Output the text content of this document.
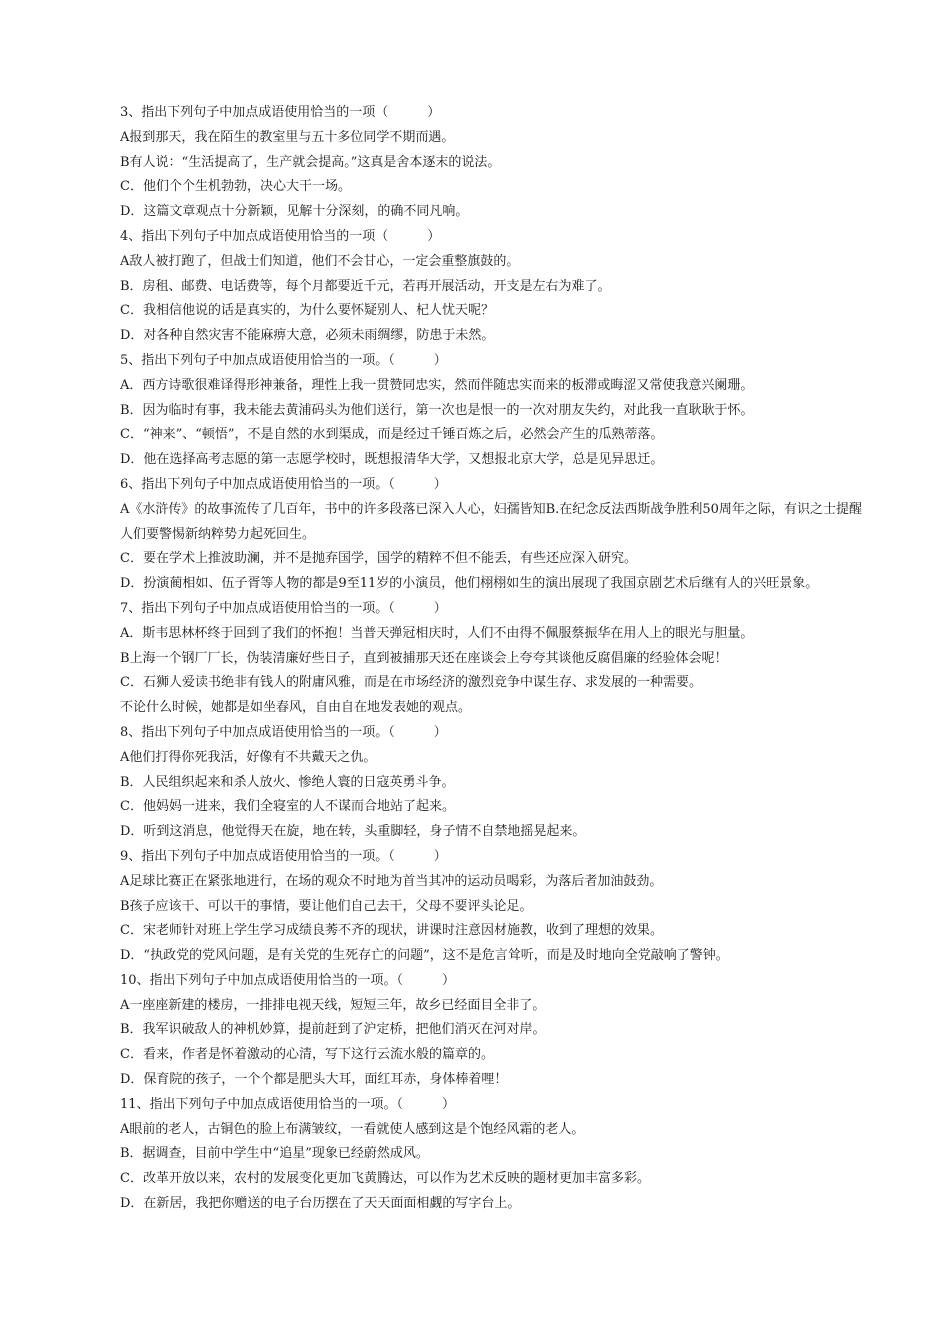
3、指出下列句子中加点成语使用恰当的一项（　　　）
A报到那天，我在陌生的教室里与五十多位同学不期而遇。
B有人说：“生活提高了，生产就会提高。”这真是舍本逐末的说法。
C．他们个个生机勃勃，决心大干一场。
D．这篇文章观点十分新颖，见解十分深刻，的确不同凡响。
4、指出下列句子中加点成语使用恰当的一项（　　　）
A敌人被打跑了，但战士们知道，他们不会甘心，一定会重整旗鼓的。
B．房租、邮费、电话费等，每个月都要近千元，若再开展活动，开支是左右为难了。
C．我相信他说的话是真实的，为什么要怀疑别人、杞人忧天呢？
D．对各种自然灾害不能麻痹大意，必须未雨绸缪，防患于未然。
5、指出下列句子中加点成语使用恰当的一项。（　　　）
A．西方诗歌很难译得形神兼备，理性上我一贯赞同忠实，然而伴随忠实而来的板滞或晦涩又常使我意兴阑珊。
B．因为临时有事，我未能去黄浦码头为他们送行，第一次也是恨一的一次对朋友失约，对此我一直耿耿于怀。
C．“神来”、“顿悟”，不是自然的水到渠成，而是经过千锤百炼之后，必然会产生的瓜熟蒂落。
D．他在选择高考志愿的第一志愿学校时，既想报清华大学，又想报北京大学，总是见异思迁。
6、指出下列句子中加点成语使用恰当的一项。（　　　）
A《水浒传》的故事流传了几百年，书中的许多段落已深入人心，妇孺皆知B.在纪念反法西斯战争胜利50周年之际，有识之士提醒人们要警惕新纳粹势力起死回生。
C．要在学术上推波助澜，并不是抛弃国学，国学的精粹不但不能丢，有些还应深入研究。
D．扮演蔺相如、伍子胥等人物的都是9至11岁的小演员，他们栩栩如生的演出展现了我国京剧艺术后继有人的兴旺景象。
7、指出下列句子中加点成语使用恰当的一项。（　　　）
A．斯韦思林杯终于回到了我们的怀抱！当普天弹冠相庆时，人们不由得不佩服蔡振华在用人上的眼光与胆量。
B上海一个钢厂厂长，伪装清廉好些日子，直到被捕那天还在座谈会上夸夸其谈他反腐倡廉的经验体会呢！
C．石狮人爱读书绝非有钱人的附庸风雅，而是在市场经济的激烈竞争中谋生存、求发展的一种需要。
不论什么时候，她都是如坐春风，自由自在地发表她的观点。
8、指出下列句子中加点成语使用恰当的一项。（　　　）
A他们打得你死我活，好像有不共戴天之仇。
B．人民组织起来和杀人放火、惨绝人寰的日寇英勇斗争。
C．他妈妈一进来，我们全寝室的人不谋而合地站了起来。
D．听到这消息，他觉得天在旋，地在转，头重脚轻，身子情不自禁地摇晃起来。
9、指出下列句子中加点成语使用恰当的一项。（　　　）
A足球比赛正在紧张地进行，在场的观众不时地为首当其冲的运动员喝彩，为落后者加油鼓劲。
B孩子应该干、可以干的事情，要让他们自己去干，父母不要评头论足。
C．宋老师针对班上学生学习成绩良莠不齐的现状，讲课时注意因材施教，收到了理想的效果。
D．“执政党的党风问题，是有关党的生死存亡的问题”，这不是危言耸听，而是及时地向全党敲响了警钟。
10、指出下列句子中加点成语使用恰当的一项。（　　　）
A一座座新建的楼房，一排排电视天线，短短三年，故乡已经面目全非了。
B．我军识破敌人的神机妙算，提前赶到了沪定桥，把他们消灭在河对岸。
C．看来，作者是怀着激动的心清，写下这行云流水般的篇章的。
D．保育院的孩子，一个个都是肥头大耳，面红耳赤，身体棒着哩！
11、指出下列句子中加点成语使用恰当的一项。（　　　）
A眼前的老人，古铜色的脸上布满皱纹，一看就使人感到这是个饱经风霜的老人。
B．据调查，目前中学生中“追星”现象已经蔚然成风。
C．改革开放以来，农村的发展变化更加飞黄腾达，可以作为艺术反映的题材更加丰富多彩。
D．在新居，我把你赠送的电子台历摆在了天天面面相觑的写字台上。
